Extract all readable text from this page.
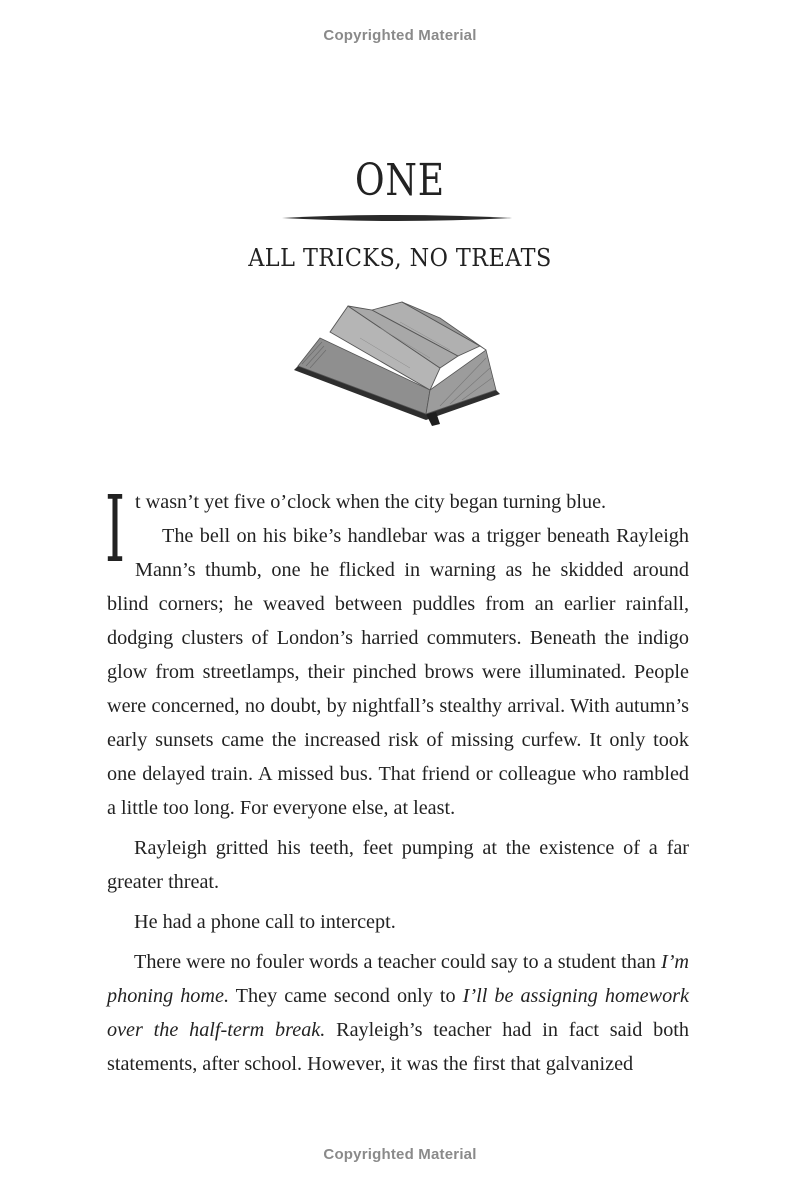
Copyrighted Material
ONE
ALL TRICKS, NO TREATS

I t wasn’t yet five o’clock when the city began turning blue.

The bell on his bike’s handlebar was a trigger beneath Rayleigh Mann’s thumb, one he flicked in warning as he skidded around blind corners; he weaved between puddles from an earlier rainfall, dodging clusters of London’s harried commuters. Beneath the indigo glow from streetlamps, their pinched brows were illuminated. People were concerned, no doubt, by nightfall’s stealthy arrival. With autumn’s early sunsets came the increased risk of missing curfew. It only took one delayed train. A missed bus. That friend or colleague who rambled a little too long. For everyone else, at least.

Rayleigh gritted his teeth, feet pumping at the existence of a far greater threat.

He had a phone call to intercept.

There were no fouler words a teacher could say to a student than I’m phoning home. They came second only to I’ll be assigning homework over the half-term break. Rayleigh’s teacher had in fact said both statements, after school. However, it was the first that galvanized

Copyrighted Material
